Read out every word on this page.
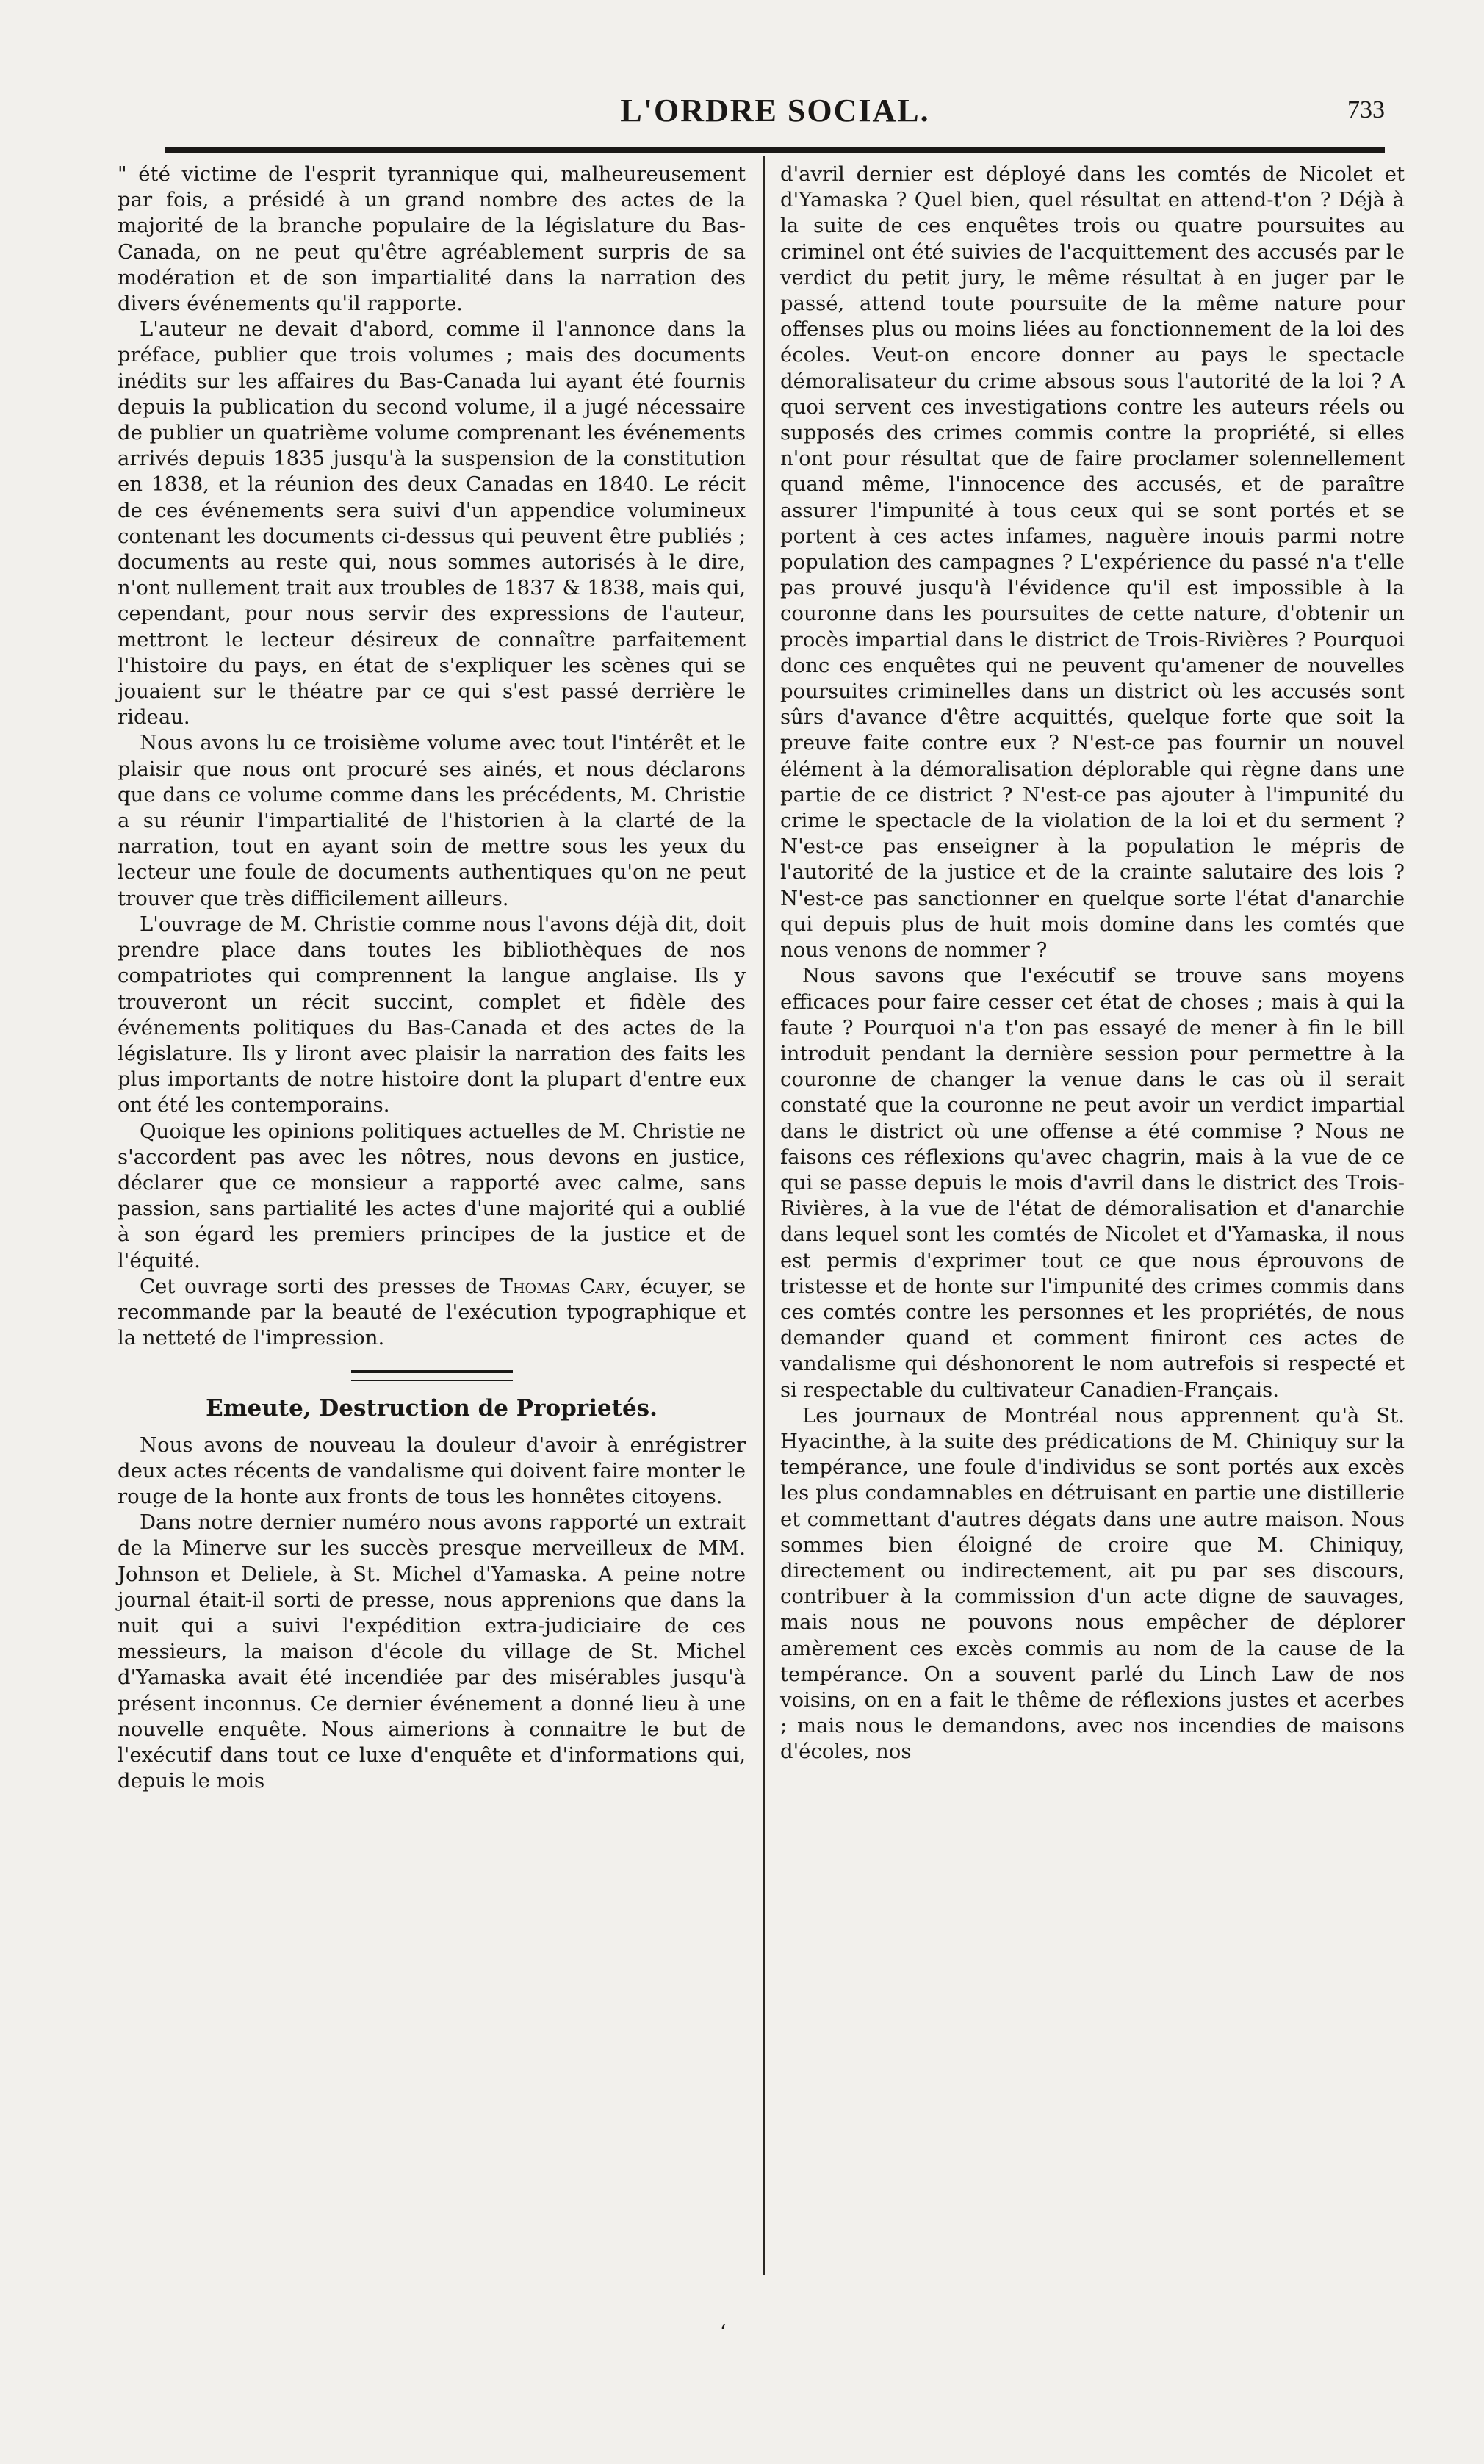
L'ORDRE SOCIAL.	733

" été victime de l'esprit tyrannique qui, malheureusement par fois, a présidé à un grand nombre des actes de la majorité de la branche populaire de la législature du Bas-Canada, on ne peut qu'être agréablement surpris de sa modération et de son impartialité dans la narration des divers événements qu'il rapporte.

L'auteur ne devait d'abord, comme il l'annonce dans la préface, publier que trois volumes ; mais des documents inédits sur les affaires du Bas-Canada lui ayant été fournis depuis la publication du second volume, il a jugé nécessaire de publier un quatrième volume comprenant les événements arrivés depuis 1835 jusqu'à la suspension de la constitution en 1838, et la réunion des deux Canadas en 1840. Le récit de ces événements sera suivi d'un appendice volumineux contenant les documents ci-dessus qui peuvent être publiés ; documents au reste qui, nous sommes autorisés à le dire, n'ont nullement trait aux troubles de 1837 & 1838, mais qui, cependant, pour nous servir des expressions de l'auteur, mettront le lecteur désireux de connaître parfaitement l'histoire du pays, en état de s'expliquer les scènes qui se jouaient sur le théatre par ce qui s'est passé derrière le rideau.

Nous avons lu ce troisième volume avec tout l'intérêt et le plaisir que nous ont procuré ses ainés, et nous déclarons que dans ce volume comme dans les précédents, M. Christie a su réunir l'impartialité de l'historien à la clarté de la narration, tout en ayant soin de mettre sous les yeux du lecteur une foule de documents authentiques qu'on ne peut trouver que très difficilement ailleurs.

L'ouvrage de M. Christie comme nous l'avons déjà dit, doit prendre place dans toutes les bibliothèques de nos compatriotes qui comprennent la langue anglaise. Ils y trouveront un récit succint, complet et fidèle des événements politiques du Bas-Canada et des actes de la législature. Ils y liront avec plaisir la narration des faits les plus importants de notre histoire dont la plupart d'entre eux ont été les contemporains.

Quoique les opinions politiques actuelles de M. Christie ne s'accordent pas avec les nôtres, nous devons en justice, déclarer que ce monsieur a rapporté avec calme, sans passion, sans partialité les actes d'une majorité qui a oublié à son égard les premiers principes de la justice et de l'équité.

Cet ouvrage sorti des presses de Thomas Cary, écuyer, se recommande par la beauté de l'exécution typographique et la netteté de l'impression.

Emeute, Destruction de Proprietés.

Nous avons de nouveau la douleur d'avoir à enrégistrer deux actes récents de vandalisme qui doivent faire monter le rouge de la honte aux fronts de tous les honnêtes citoyens.

Dans notre dernier numéro nous avons rapporté un extrait de la Minerve sur les succès presque merveilleux de MM. Johnson et Deliele, à St. Michel d'Yamaska. A peine notre journal était-il sorti de presse, nous apprenions que dans la nuit qui a suivi l'expédition extra-judiciaire de ces messieurs, la maison d'école du village de St. Michel d'Yamaska avait été incendiée par des misérables jusqu'à présent inconnus. Ce dernier événement a donné lieu à une nouvelle enquête. Nous aimerions à connaitre le but de l'exécutif dans tout ce luxe d'enquête et d'informations qui, depuis le mois

d'avril dernier est déployé dans les comtés de Nicolet et d'Yamaska ? Quel bien, quel résultat en attend-t'on ? Déjà à la suite de ces enquêtes trois ou quatre poursuites au criminel ont été suivies de l'acquittement des accusés par le verdict du petit jury, le même résultat à en juger par le passé, attend toute poursuite de la même nature pour offenses plus ou moins liées au fonctionnement de la loi des écoles. Veut-on encore donner au pays le spectacle démoralisateur du crime absous sous l'autorité de la loi ? A quoi servent ces investigations contre les auteurs réels ou supposés des crimes commis contre la propriété, si elles n'ont pour résultat que de faire proclamer solennellement quand même, l'innocence des accusés, et de paraître assurer l'impunité à tous ceux qui se sont portés et se portent à ces actes infames, naguère inouis parmi notre population des campagnes ? L'expérience du passé n'a t'elle pas prouvé jusqu'à l'évidence qu'il est impossible à la couronne dans les poursuites de cette nature, d'obtenir un procès impartial dans le district de Trois-Rivières ? Pourquoi donc ces enquêtes qui ne peuvent qu'amener de nouvelles poursuites criminelles dans un district où les accusés sont sûrs d'avance d'être acquittés, quelque forte que soit la preuve faite contre eux ? N'est-ce pas fournir un nouvel élément à la démoralisation déplorable qui règne dans une partie de ce district ? N'est-ce pas ajouter à l'impunité du crime le spectacle de la violation de la loi et du serment ? N'est-ce pas enseigner à la population le mépris de l'autorité de la justice et de la crainte salutaire des lois ? N'est-ce pas sanctionner en quelque sorte l'état d'anarchie qui depuis plus de huit mois domine dans les comtés que nous venons de nommer ?

Nous savons que l'exécutif se trouve sans moyens efficaces pour faire cesser cet état de choses ; mais à qui la faute ? Pourquoi n'a t'on pas essayé de mener à fin le bill introduit pendant la dernière session pour permettre à la couronne de changer la venue dans le cas où il serait constaté que la couronne ne peut avoir un verdict impartial dans le district où une offense a été commise ? Nous ne faisons ces réflexions qu'avec chagrin, mais à la vue de ce qui se passe depuis le mois d'avril dans le district des Trois-Rivières, à la vue de l'état de démoralisation et d'anarchie dans lequel sont les comtés de Nicolet et d'Yamaska, il nous est permis d'exprimer tout ce que nous éprouvons de tristesse et de honte sur l'impunité des crimes commis dans ces comtés contre les personnes et les propriétés, de nous demander quand et comment finiront ces actes de vandalisme qui déshonorent le nom autrefois si respecté et si respectable du cultivateur Canadien-Français.

Les journaux de Montréal nous apprennent qu'à St. Hyacinthe, à la suite des prédications de M. Chiniquy sur la tempérance, une foule d'individus se sont portés aux excès les plus condamnables en détruisant en partie une distillerie et commettant d'autres dégats dans une autre maison. Nous sommes bien éloigné de croire que M. Chiniquy, directement ou indirectement, ait pu par ses discours, contribuer à la commission d'un acte digne de sauvages, mais nous ne pouvons nous empêcher de déplorer amèrement ces excès commis au nom de la cause de la tempérance. On a souvent parlé du Linch Law de nos voisins, on en a fait le thême de réflexions justes et acerbes ; mais nous le demandons, avec nos incendies de maisons d'écoles, nos

‘
